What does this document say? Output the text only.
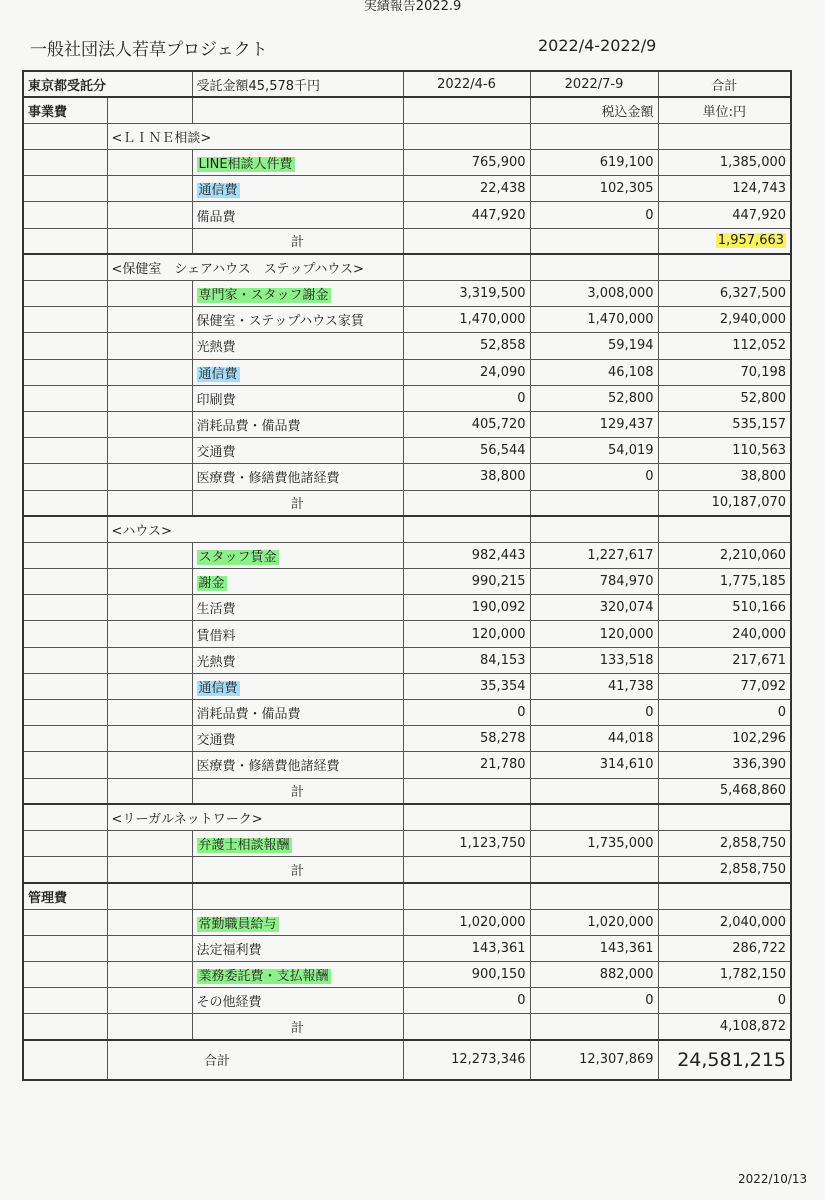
実績報告2022.9
一般社団法人若草プロジェクト	2022/4-2022/9
東京都受託分		受託金額45,578千円	2022/4-6	2022/7-9	合計
事業費				税込金額	単位:円
	<ＬＩＮＥ相談>				
		LINE相談人件費	765,900	619,100	1,385,000
		通信費	22,438	102,305	124,743
		備品費	447,920	0	447,920
		計			1,957,663
	<保健室　シェアハウス　ステップハウス>				
		専門家・スタッフ謝金	3,319,500	3,008,000	6,327,500
		保健室・ステップハウス家賃	1,470,000	1,470,000	2,940,000
		光熱費	52,858	59,194	112,052
		通信費	24,090	46,108	70,198
		印刷費	0	52,800	52,800
		消耗品費・備品費	405,720	129,437	535,157
		交通費	56,544	54,019	110,563
		医療費・修繕費他諸経費	38,800	0	38,800
		計			10,187,070
	<ハウス>				
		スタッフ賃金	982,443	1,227,617	2,210,060
		謝金	990,215	784,970	1,775,185
		生活費	190,092	320,074	510,166
		賃借料	120,000	120,000	240,000
		光熱費	84,153	133,518	217,671
		通信費	35,354	41,738	77,092
		消耗品費・備品費	0	0	0
		交通費	58,278	44,018	102,296
		医療費・修繕費他諸経費	21,780	314,610	336,390
		計			5,468,860
	<リーガルネットワーク>				
		弁護士相談報酬	1,123,750	1,735,000	2,858,750
		計			2,858,750
管理費					
		常勤職員給与	1,020,000	1,020,000	2,040,000
		法定福利費	143,361	143,361	286,722
		業務委託費・支払報酬	900,150	882,000	1,782,150
		その他経費	0	0	0
		計			4,108,872
	合計		12,273,346	12,307,869	24,581,215
2022/10/13
